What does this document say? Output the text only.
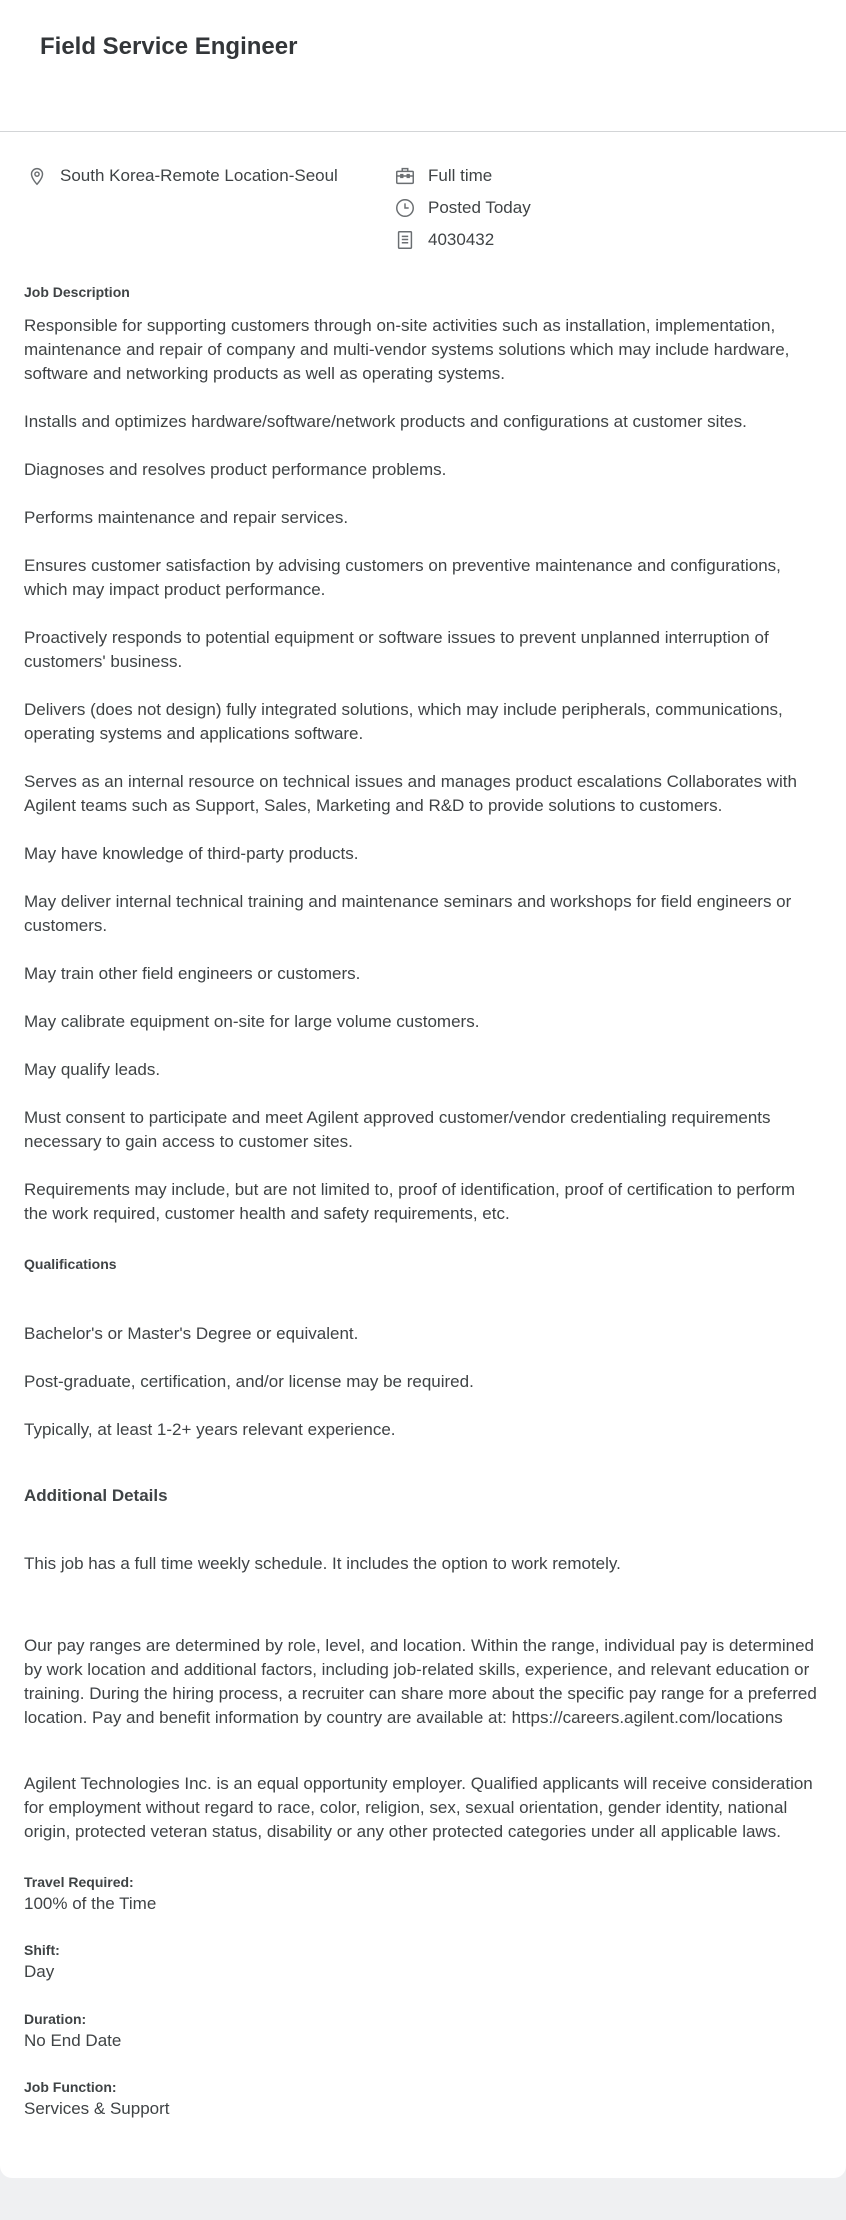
Field Service Engineer
South Korea-Remote Location-Seoul	Full time
Posted Today
4030432
Job Description

Responsible for supporting customers through on-site activities such as installation, implementation, maintenance and repair of company and multi-vendor systems solutions which may include hardware, software and networking products as well as operating systems.

Installs and optimizes hardware/software/network products and configurations at customer sites.

Diagnoses and resolves product performance problems.

Performs maintenance and repair services.

Ensures customer satisfaction by advising customers on preventive maintenance and configurations, which may impact product performance.

Proactively responds to potential equipment or software issues to prevent unplanned interruption of customers' business.

Delivers (does not design) fully integrated solutions, which may include peripherals, communications, operating systems and applications software.

Serves as an internal resource on technical issues and manages product escalations Collaborates with Agilent teams such as Support, Sales, Marketing and R&D to provide solutions to customers.

May have knowledge of third-party products.

May deliver internal technical training and maintenance seminars and workshops for field engineers or customers.

May train other field engineers or customers.

May calibrate equipment on-site for large volume customers.

May qualify leads.

Must consent to participate and meet Agilent approved customer/vendor credentialing requirements necessary to gain access to customer sites.

Requirements may include, but are not limited to, proof of identification, proof of certification to perform the work required, customer health and safety requirements, etc.

Qualifications

Bachelor's or Master's Degree or equivalent.

Post-graduate, certification, and/or license may be required.

Typically, at least 1-2+ years relevant experience.

Additional Details

This job has a full time weekly schedule. It includes the option to work remotely.

Our pay ranges are determined by role, level, and location. Within the range, individual pay is determined by work location and additional factors, including job-related skills, experience, and relevant education or training. During the hiring process, a recruiter can share more about the specific pay range for a preferred location. Pay and benefit information by country are available at: https://careers.agilent.com/locations

Agilent Technologies Inc. is an equal opportunity employer. Qualified applicants will receive consideration for employment without regard to race, color, religion, sex, sexual orientation, gender identity, national origin, protected veteran status, disability or any other protected categories under all applicable laws.

Travel Required:

100% of the Time

Shift:

Day

Duration:

No End Date

Job Function:

Services & Support
